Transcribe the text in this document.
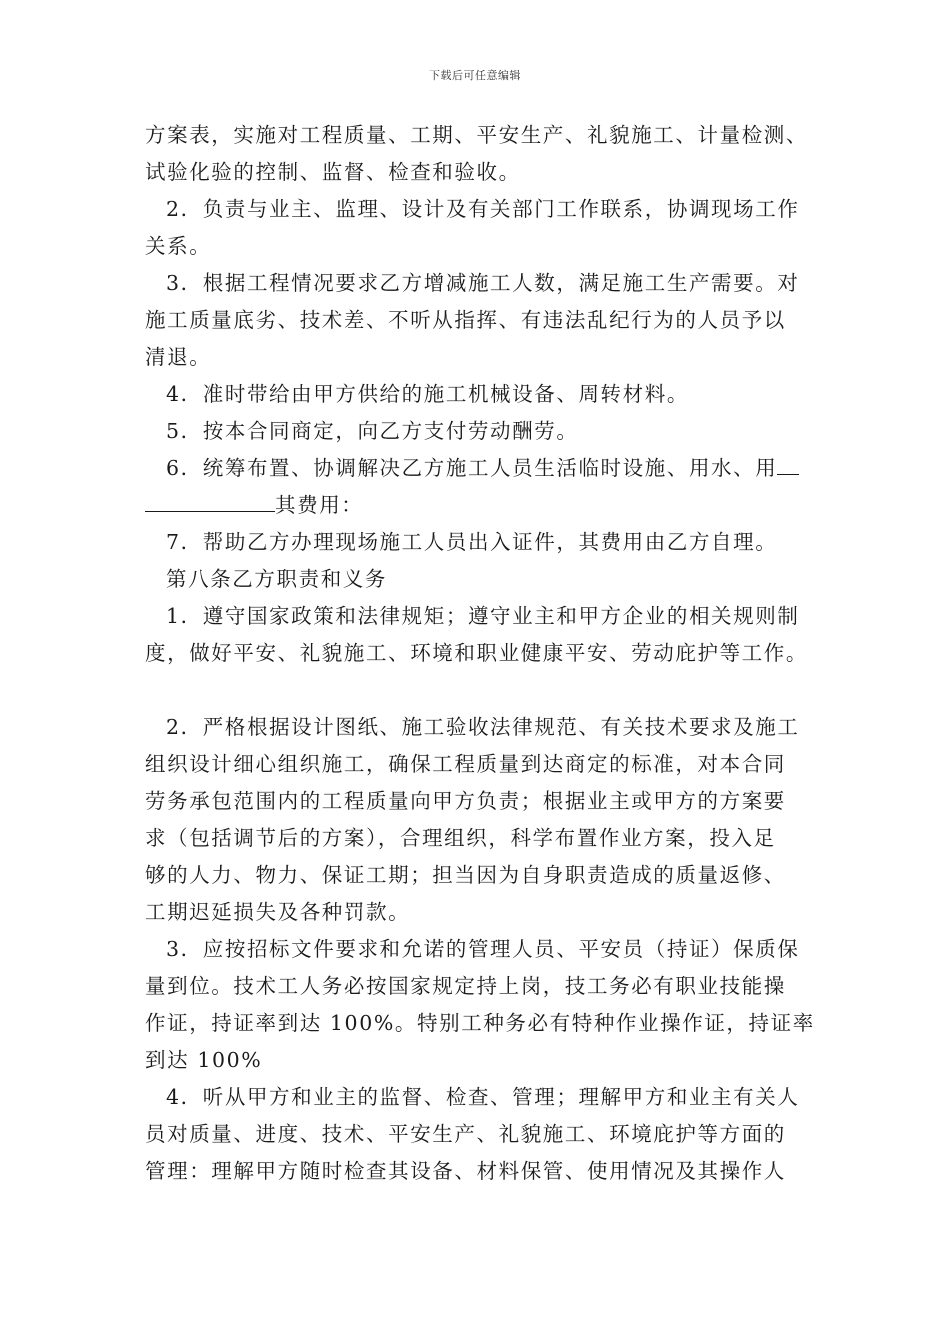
下载后可任意编辑
方案表，实施对工程质量、工期、平安生产、礼貌施工、计量检测、
试验化验的控制、监督、检查和验收。
2．负责与业主、监理、设计及有关部门工作联系，协调现场工作
关系。
3．根据工程情况要求乙方增减施工人数，满足施工生产需要。对
施工质量底劣、技术差、不听从指挥、有违法乱纪行为的人员予以
清退。
4．准时带给由甲方供给的施工机械设备、周转材料。
5．按本合同商定，向乙方支付劳动酬劳。
6．统筹布置、协调解决乙方施工人员生活临时设施、用水、用
其费用：
7．帮助乙方办理现场施工人员出入证件，其费用由乙方自理。
第八条乙方职责和义务
1．遵守国家政策和法律规矩；遵守业主和甲方企业的相关规则制
度，做好平安、礼貌施工、环境和职业健康平安、劳动庇护等工作。
2．严格根据设计图纸、施工验收法律规范、有关技术要求及施工
组织设计细心组织施工，确保工程质量到达商定的标准，对本合同
劳务承包范围内的工程质量向甲方负责；根据业主或甲方的方案要
求（包括调节后的方案），合理组织，科学布置作业方案，投入足
够的人力、物力、保证工期；担当因为自身职责造成的质量返修、
工期迟延损失及各种罚款。
3．应按招标文件要求和允诺的管理人员、平安员（持证）保质保
量到位。技术工人务必按国家规定持上岗，技工务必有职业技能操
作证，持证率到达 100%。特别工种务必有特种作业操作证，持证率
到达 100%
4．听从甲方和业主的监督、检查、管理；理解甲方和业主有关人
员对质量、进度、技术、平安生产、礼貌施工、环境庇护等方面的
管理：理解甲方随时检查其设备、材料保管、使用情况及其操作人
